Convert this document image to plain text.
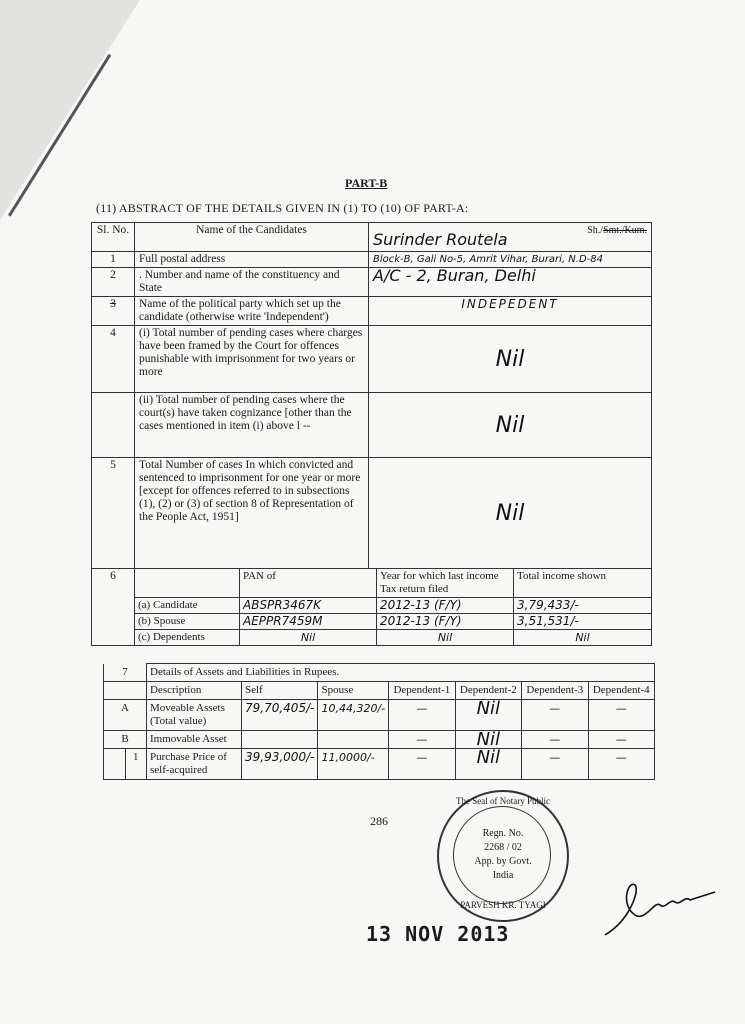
PART-B
(11) ABSTRACT OF THE DETAILS GIVEN IN (1) TO (10) OF PART-A:
Sl. No.	Name of the Candidates	Sh./Smt./Kum.
Surinder Routela

1	Full postal address	Block-B, Gali No-5, Amrit Vihar, Burari, N.D-84
2	. Number and name of the constituency and State	A/C - 2, Buran, Delhi
3	Name of the political party which set up the candidate (otherwise write 'Independent')	INDEPEDENT
4	(i) Total number of pending cases where charges have been framed by the Court for offences punishable with imprisonment for two years or more	Nil
	(ii) Total number of pending cases where the court(s) have taken cognizance [other than the cases mentioned in item (i) above l --	Nil
5	Total Number of cases In which convicted and sentenced to imprisonment for one year or more [except for offences referred to in subsections (1), (2) or (3) of section 8 of Representation of the People Act, 1951]	Nil
6	
		PAN of	Year for which last income Tax return filed	Total income shown
(a) Candidate	ABSPR3467K	2012-13 (F/Y)	3,79,433/-
(b) Spouse	AEPPR7459M	2012-13 (F/Y)	3,51,531/-
(c) Dependents	Nil	Nil	Nil
7		Details of Assets and Liabilities in Rupees.						
		Description	Self	Spouse	Dependent-1	Dependent-2	Dependent-3	Dependent-4
A		Moveable Assets (Total value)	79,70,405/-	10,44,320/-	—	Nil	—	—
B		Immovable Asset			—	Nil	—	—
	1	Purchase Price of self-acquired	39,93,000/-	11,0000/-	—	Nil	—	—
286
The Seal of Notary Public
Regn. No.
2268 / 02
App. by Govt.
India
PARVESH KR. TYAGI
13 NOV 2013
